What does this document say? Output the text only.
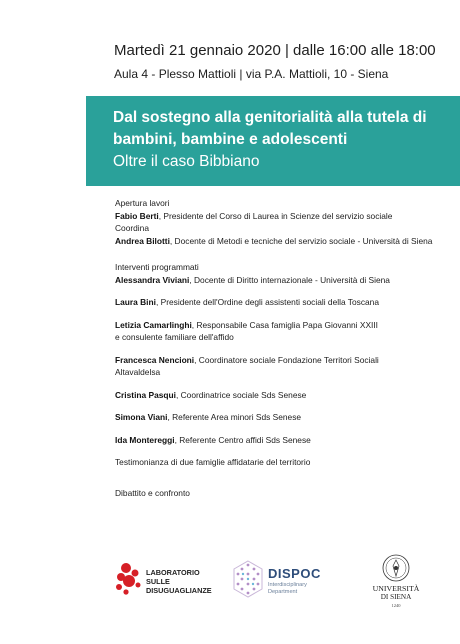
Martedì 21 gennaio 2020 | dalle 16:00 alle 18:00
Aula 4 - Plesso Mattioli | via P.A. Mattioli, 10 - Siena
Dal sostegno alla genitorialità alla tutela di bambini, bambine e adolescenti
Oltre il caso Bibbiano
Apertura lavori
Fabio Berti, Presidente del Corso di Laurea in Scienze del servizio sociale
Coordina
Andrea Bilotti, Docente di Metodi e tecniche del servizio sociale - Università di Siena
Interventi programmati
Alessandra Viviani, Docente di Diritto internazionale - Università di Siena
Laura Bini, Presidente dell'Ordine degli assistenti sociali della Toscana
Letizia Camarlinghi, Responsabile Casa famiglia Papa Giovanni XXIII
e consulente familiare dell'affido
Francesca Nencioni, Coordinatore sociale Fondazione Territori Sociali
Altavaldelsa
Cristina Pasqui, Coordinatrice sociale Sds Senese
Simona Viani, Referente Area minori Sds Senese
Ida Montereggi, Referente Centro affidi Sds Senese
Testimonianza di due famiglie affidatarie del territorio
Dibattito e confronto
LABORATORIO
SULLE
DISUGUAGLIANZE
DISPOC
Interdisciplinary
Department	UNIVERSITÀ
DI SIENA
1240
